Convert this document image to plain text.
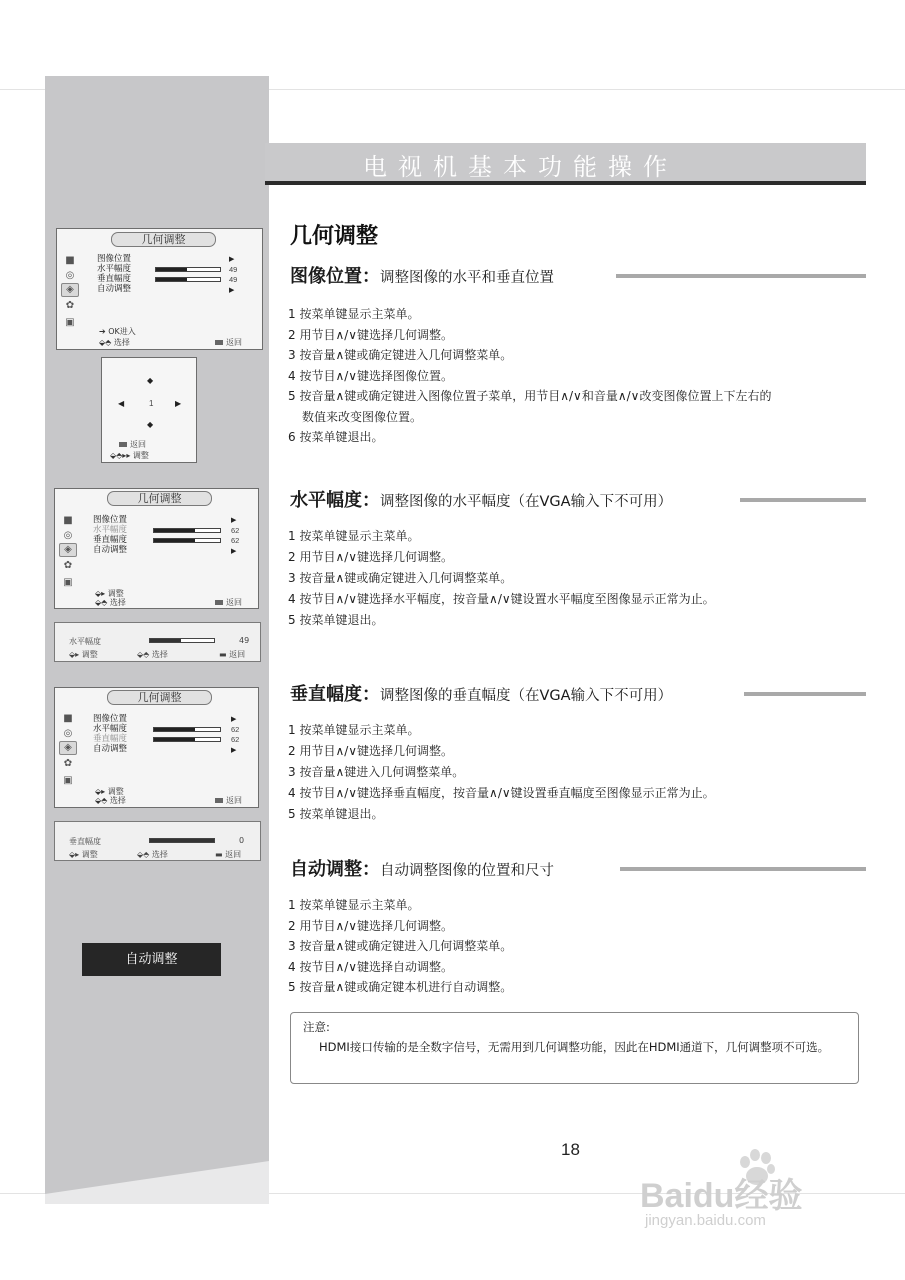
电视机基本功能操作
几何调整
图像位置：调整图像的水平和垂直位置
1 按菜单键显示主菜单。
2 用节目∧/∨键选择几何调整。
3 按音量∧键或确定键进入几何调整菜单。
4 按节目∧/∨键选择图像位置。
5 按音量∧键或确定键进入图像位置子菜单，用节目∧/∨和音量∧/∨改变图像位置上下左右的
数值来改变图像位置。
6 按菜单键退出。
水平幅度：调整图像的水平幅度（在VGA输入下不可用）
1 按菜单键显示主菜单。
2 用节目∧/∨键选择几何调整。
3 按音量∧键或确定键进入几何调整菜单。
4 按节目∧/∨键选择水平幅度，按音量∧/∨键设置水平幅度至图像显示正常为止。
5 按菜单键退出。
垂直幅度：调整图像的垂直幅度（在VGA输入下不可用）
1 按菜单键显示主菜单。
2 用节目∧/∨键选择几何调整。
3 按音量∧键进入几何调整菜单。
4 按节目∧/∨键选择垂直幅度，按音量∧/∨键设置垂直幅度至图像显示正常为止。
5 按菜单键退出。
自动调整：自动调整图像的位置和尺寸
1 按菜单键显示主菜单。
2 用节目∧/∨键选择几何调整。
3 按音量∧键或确定键进入几何调整菜单。
4 按节目∧/∨键选择自动调整。
5 按音量∧键或确定键本机进行自动调整。
注意:
HDMI接口传输的是全数字信号，无需用到几何调整功能，因此在HDMI通道下，几何调整项不可选。
几何调整
■
◎
◈
✿
▣
图像位置
水平幅度
垂直幅度
自动调整
▶
49
49
▶
➔ OK进入
⬙⬘ 选择	返回
◆
◀	1	▶
◆
返回
⬙⬘▸▸ 调整
几何调整
■
◈
◎
✿
▣
图像位置
水平幅度
垂直幅度
自动调整
▶
62
62
▶
⬙▸ 调整
⬙⬘ 选择	返回
水平幅度	49
⬙▸ 调整	⬙⬘ 选择	▬ 返回
几何调整
■
◎
◈
✿
▣
图像位置
水平幅度
垂直幅度
自动调整
▶
62
62
▶
⬙▸ 调整
⬙⬘ 选择	返回
垂直幅度	0
⬙▸ 调整	⬙⬘ 选择	▬ 返回
自动调整
18
Baidu经验
jingyan.baidu.com
